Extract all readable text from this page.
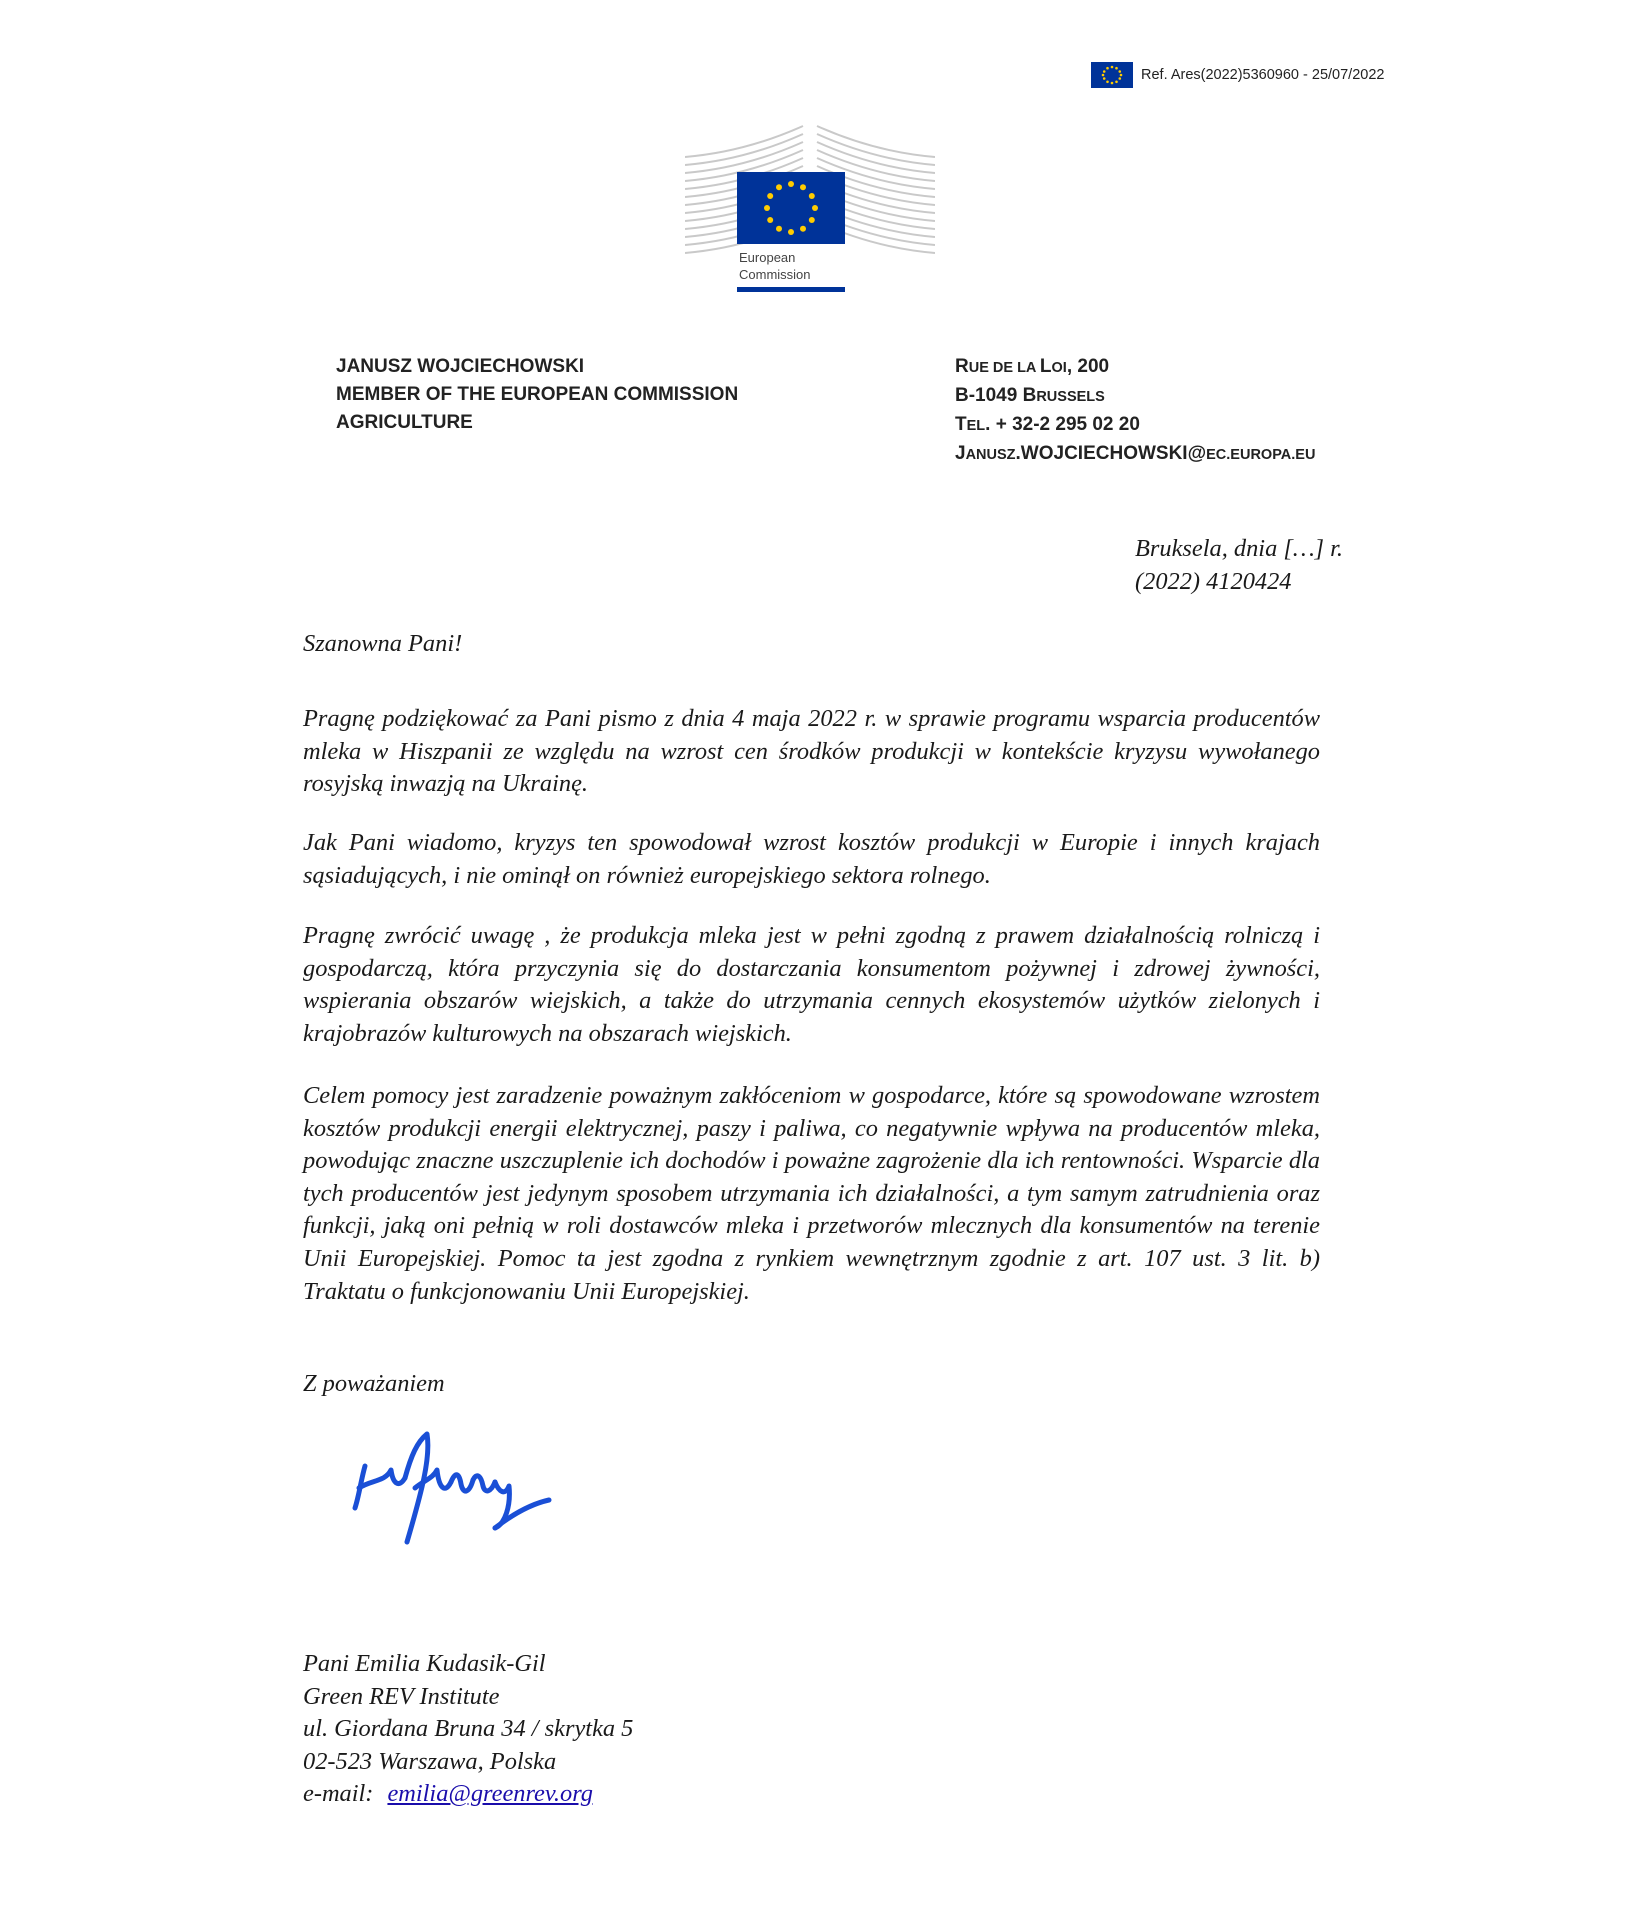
Ref. Ares(2022)5360960 - 25/07/2022
European
Commission
JANUSZ WOJCIECHOWSKI
MEMBER OF THE EUROPEAN COMMISSION
AGRICULTURE
RUE DE LA LOI, 200
B-1049 BRUSSELS
TEL. + 32-2 295 02 20
JANUSZ.WOJCIECHOWSKI@EC.EUROPA.EU
Bruksela, dnia […] r.
(2022) 4120424
Szanowna Pani!

Pragnę podziękować za Pani pismo z dnia 4 maja 2022 r. w sprawie programu wsparcia producentów mleka w Hiszpanii ze względu na wzrost cen środków produkcji w kontekście kryzysu wywołanego rosyjską inwazją na Ukrainę.

Jak Pani wiadomo, kryzys ten spowodował wzrost kosztów produkcji w Europie i innych krajach sąsiadujących, i nie ominął on również europejskiego sektora rolnego.

Pragnę zwrócić uwagę , że produkcja mleka jest w pełni zgodną z prawem działalnością rolniczą i gospodarczą, która przyczynia się do dostarczania konsumentom pożywnej i zdrowej żywności, wspierania obszarów wiejskich, a także do utrzymania cennych ekosystemów użytków zielonych i krajobrazów kulturowych na obszarach wiejskich.

Celem pomocy jest zaradzenie poważnym zakłóceniom w gospodarce, które są spowodowane wzrostem kosztów produkcji energii elektrycznej, paszy i paliwa, co negatywnie wpływa na producentów mleka, powodując znaczne uszczuplenie ich dochodów i poważne zagrożenie dla ich rentowności. Wsparcie dla tych producentów jest jedynym sposobem utrzymania ich działalności, a tym samym zatrudnienia oraz funkcji, jaką oni pełnią w roli dostawców mleka i przetworów mlecznych dla konsumentów na terenie Unii Europejskiej. Pomoc ta jest zgodna z rynkiem wewnętrznym zgodnie z art. 107 ust. 3 lit. b) Traktatu o funkcjonowaniu Unii Europejskiej.

Z poważaniem
Pani Emilia Kudasik-Gil
Green REV Institute
ul. Giordana Bruna 34 / skrytka 5
02-523 Warszawa, Polska
e-mail: emilia@greenrev.org
